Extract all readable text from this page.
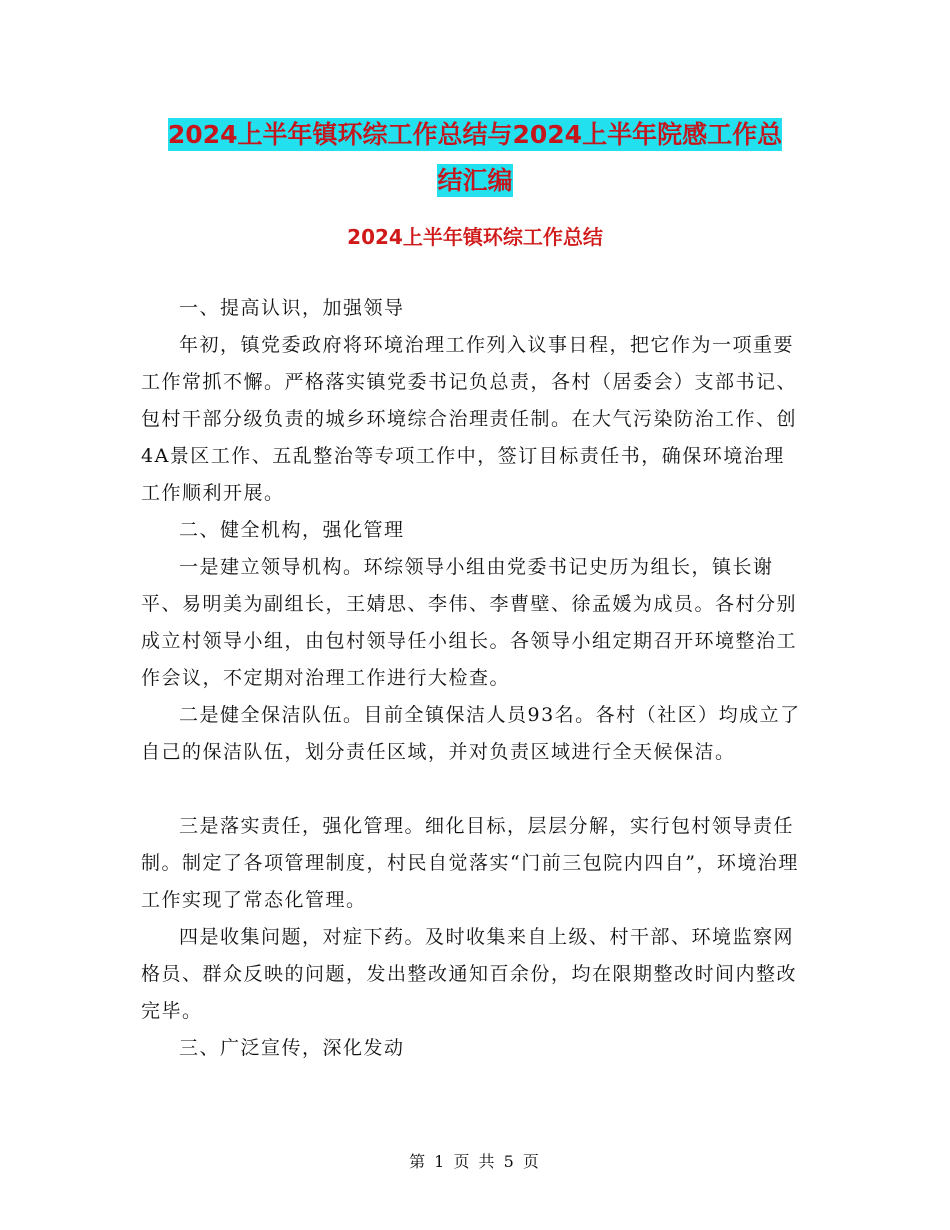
2024上半年镇环综工作总结与2024上半年院感工作总
结汇编
2024上半年镇环综工作总结

一、提高认识，加强领导

年初，镇党委政府将环境治理工作列入议事日程，把它作为一项重要工作常抓不懈。严格落实镇党委书记负总责，各村（居委会）支部书记、包村干部分级负责的城乡环境综合治理责任制。在大气污染防治工作、创4A景区工作、五乱整治等专项工作中，签订目标责任书，确保环境治理工作顺利开展。

二、健全机构，强化管理

一是建立领导机构。环综领导小组由党委书记史历为组长，镇长谢平、易明美为副组长，王婧思、李伟、李曹壁、徐孟媛为成员。各村分别成立村领导小组，由包村领导任小组长。各领导小组定期召开环境整治工作会议，不定期对治理工作进行大检查。

二是健全保洁队伍。目前全镇保洁人员93名。各村（社区）均成立了自己的保洁队伍，划分责任区域，并对负责区域进行全天候保洁。

三是落实责任，强化管理。细化目标，层层分解，实行包村领导责任制。制定了各项管理制度，村民自觉落实“门前三包院内四自”，环境治理工作实现了常态化管理。

四是收集问题，对症下药。及时收集来自上级、村干部、环境监察网格员、群众反映的问题，发出整改通知百余份，均在限期整改时间内整改完毕。

三、广泛宣传，深化发动

第 1 页 共 5 页
